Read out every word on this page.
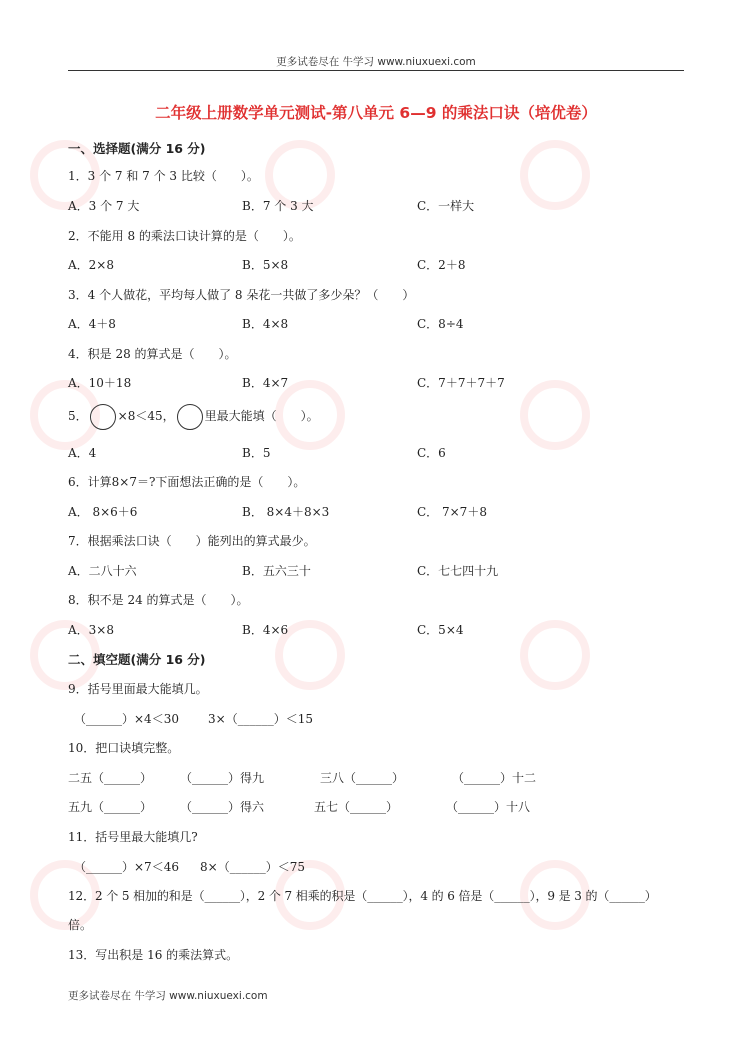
更多试卷尽在 牛学习 www.niuxuexi.com
二年级上册数学单元测试-第八单元 6—9 的乘法口诀（培优卷）
一、选择题(满分 16 分)
1．3 个 7 和 7 个 3 比较（　　）。
A．3 个 7 大	B．7 个 3 大	C．一样大
2．不能用 8 的乘法口诀计算的是（　　）。
A．2×8	B．5×8	C．2＋8
3．4 个人做花，平均每人做了 8 朵花一共做了多少朵？（　　）
A．4＋8	B．4×8	C．8÷4
4．积是 28 的算式是（　　）。
A．10＋18	B．4×7	C．7＋7＋7＋7
5．	×8＜45，	里最大能填（　　）。
A．4	B．5	C．6
6．计算8×7＝?下面想法正确的是（　　）。
A． 8×6＋6	B． 8×4＋8×3	C． 7×7＋8
7．根据乘法口诀（　　）能列出的算式最少。
A．二八十六	B．五六三十	C．七七四十九
8．积不是 24 的算式是（　　）。
A．3×8	B．4×6	C．5×4
二、填空题(满分 16 分)
9．括号里面最大能填几。
（______）×4＜30 3×（______）＜15
10．把口诀填完整。
二五（______） （______）得九	三八（______）	（______）十二
五九（______） （______）得六	五七（______）	（______）十八
11．括号里最大能填几?
（______）×7＜46 8×（______）＜75
12．2 个 5 相加的和是（______），2 个 7 相乘的积是（______），4 的 6 倍是（______），9 是 3 的（______）
倍。
13．写出积是 16 的乘法算式。
更多试卷尽在 牛学习 www.niuxuexi.com
